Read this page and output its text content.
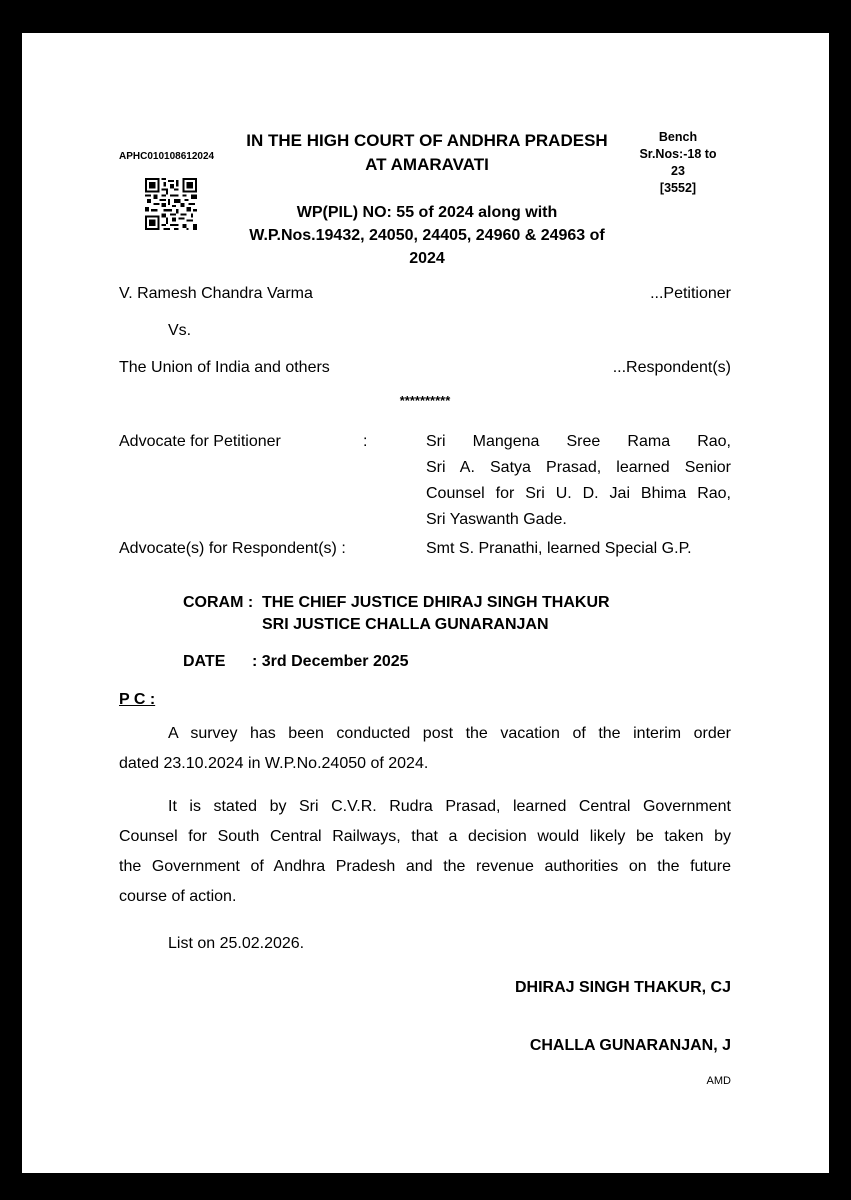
APHC010108612024
IN THE HIGH COURT OF ANDHRA PRADESH
AT AMARAVATI
Bench
Sr.Nos:-18 to
23
[3552]
WP(PIL) NO: 55 of 2024 along with
W.P.Nos.19432, 24050, 24405, 24960 & 24963 of
2024
V. Ramesh Chandra Varma	...Petitioner
Vs.
The Union of India and others	...Respondent(s)
**********
Advocate for Petitioner	:	Sri Mangena Sree Rama Rao,
Sri A. Satya Prasad, learned Senior
Counsel for Sri U. D. Jai Bhima Rao,
Sri Yaswanth Gade.
Advocate(s) for Respondent(s) :	Smt S. Pranathi, learned Special G.P.
CORAM : THE CHIEF JUSTICE DHIRAJ SINGH THAKUR
SRI JUSTICE CHALLA GUNARANJAN
DATE : 3rd December 2025
P C :
A survey has been conducted post the vacation of the interim order
dated 23.10.2024 in W.P.No.24050 of 2024.
It is stated by Sri C.V.R. Rudra Prasad, learned Central Government
Counsel for South Central Railways, that a decision would likely be taken by
the Government of Andhra Pradesh and the revenue authorities on the future
course of action.
List on 25.02.2026.
DHIRAJ SINGH THAKUR, CJ
CHALLA GUNARANJAN, J
AMD
